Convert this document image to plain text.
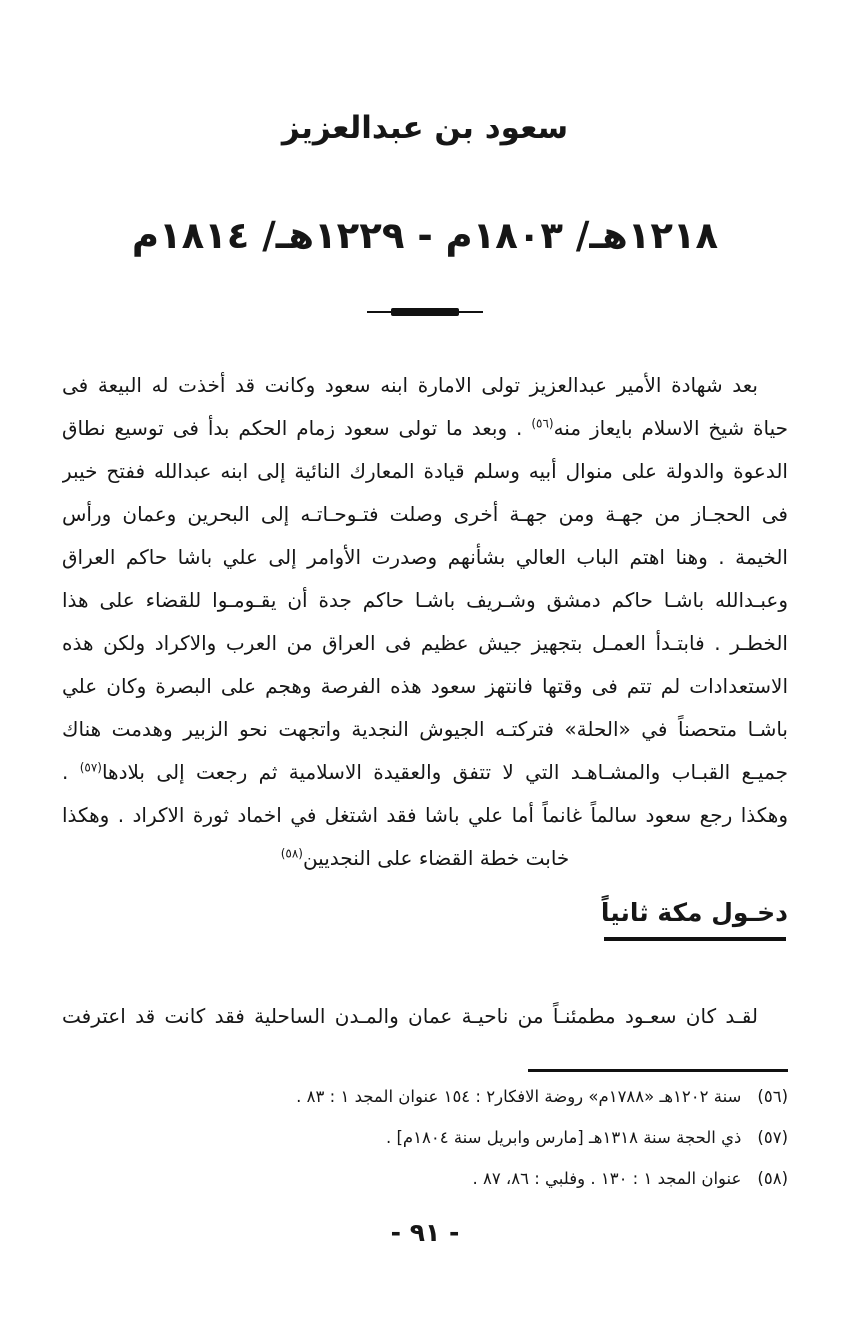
سعود بن عبدالعزيز
١٢١٨هـ/ ١٨٠٣م - ١٢٢٩هـ/ ١٨١٤م
بعد شهادة الأمير عبدالعزيز تولى الامارة ابنه سعود وكانت قد أخذت له البيعة فى
حياة شيخ الاسلام بايعاز منه$^{(٥٦)}$ . وبعد ما تولى سعود زمام الحكم بدأ فى توسيع نطاق
الدعوة والدولة على منوال أبيه وسلم قيادة المعارك النائية إلى ابنه عبدالله ففتح خيبر
فى الحجـاز من جهـة ومن جهـة أخرى وصلت فتـوحـاتـه إلى البحرين وعمان ورأس
الخيمة . وهنا اهتم الباب العالي بشأنهم وصدرت الأوامر إلى علي باشا حاكم العراق
وعبـدالله باشـا حاكم دمشق وشـريف باشـا حاكم جدة أن يقـومـوا للقضاء على هذا
الخطـر . فابتـدأ العمـل بتجهيز جيش عظيم فى العراق من العرب والاكراد ولكن هذه
الاستعدادات لم تتم فى وقتها فانتهز سعود هذه الفرصة وهجم على البصرة وكان علي
باشـا متحصناً في «الحلة» فتركتـه الجيوش النجدية واتجهت نحو الزبير وهدمت هناك
جميـع القبـاب والمشـاهـد التي لا تتفق والعقيدة الاسلامية ثم رجعت إلى بلادها$^{(٥٧)}$ .
وهكذا رجع سعود سالماً غانماً أما علي باشا فقد اشتغل في اخماد ثورة الاكراد . وهكذا
خابت خطة القضاء على النجديين$^{(٥٨)}$
دخـول مكة ثانياً
لقـد كان سعـود مطمئنـاً من ناحيـة عمان والمـدن الساحلية فقد كانت قد اعترفت
(٥٦)سنة ١٢٠٢هـ «١٧٨٨م» روضة الافكار٢ : ١٥٤ عنوان المجد ١ : ٨٣ .
(٥٧)ذي الحجة سنة ١٣١٨هـ [مارس وابريل سنة ١٨٠٤م] .
(٥٨)عنوان المجد ١ : ١٣٠ . وفلبي : ٨٦، ٨٧ .
- ٩١ -
